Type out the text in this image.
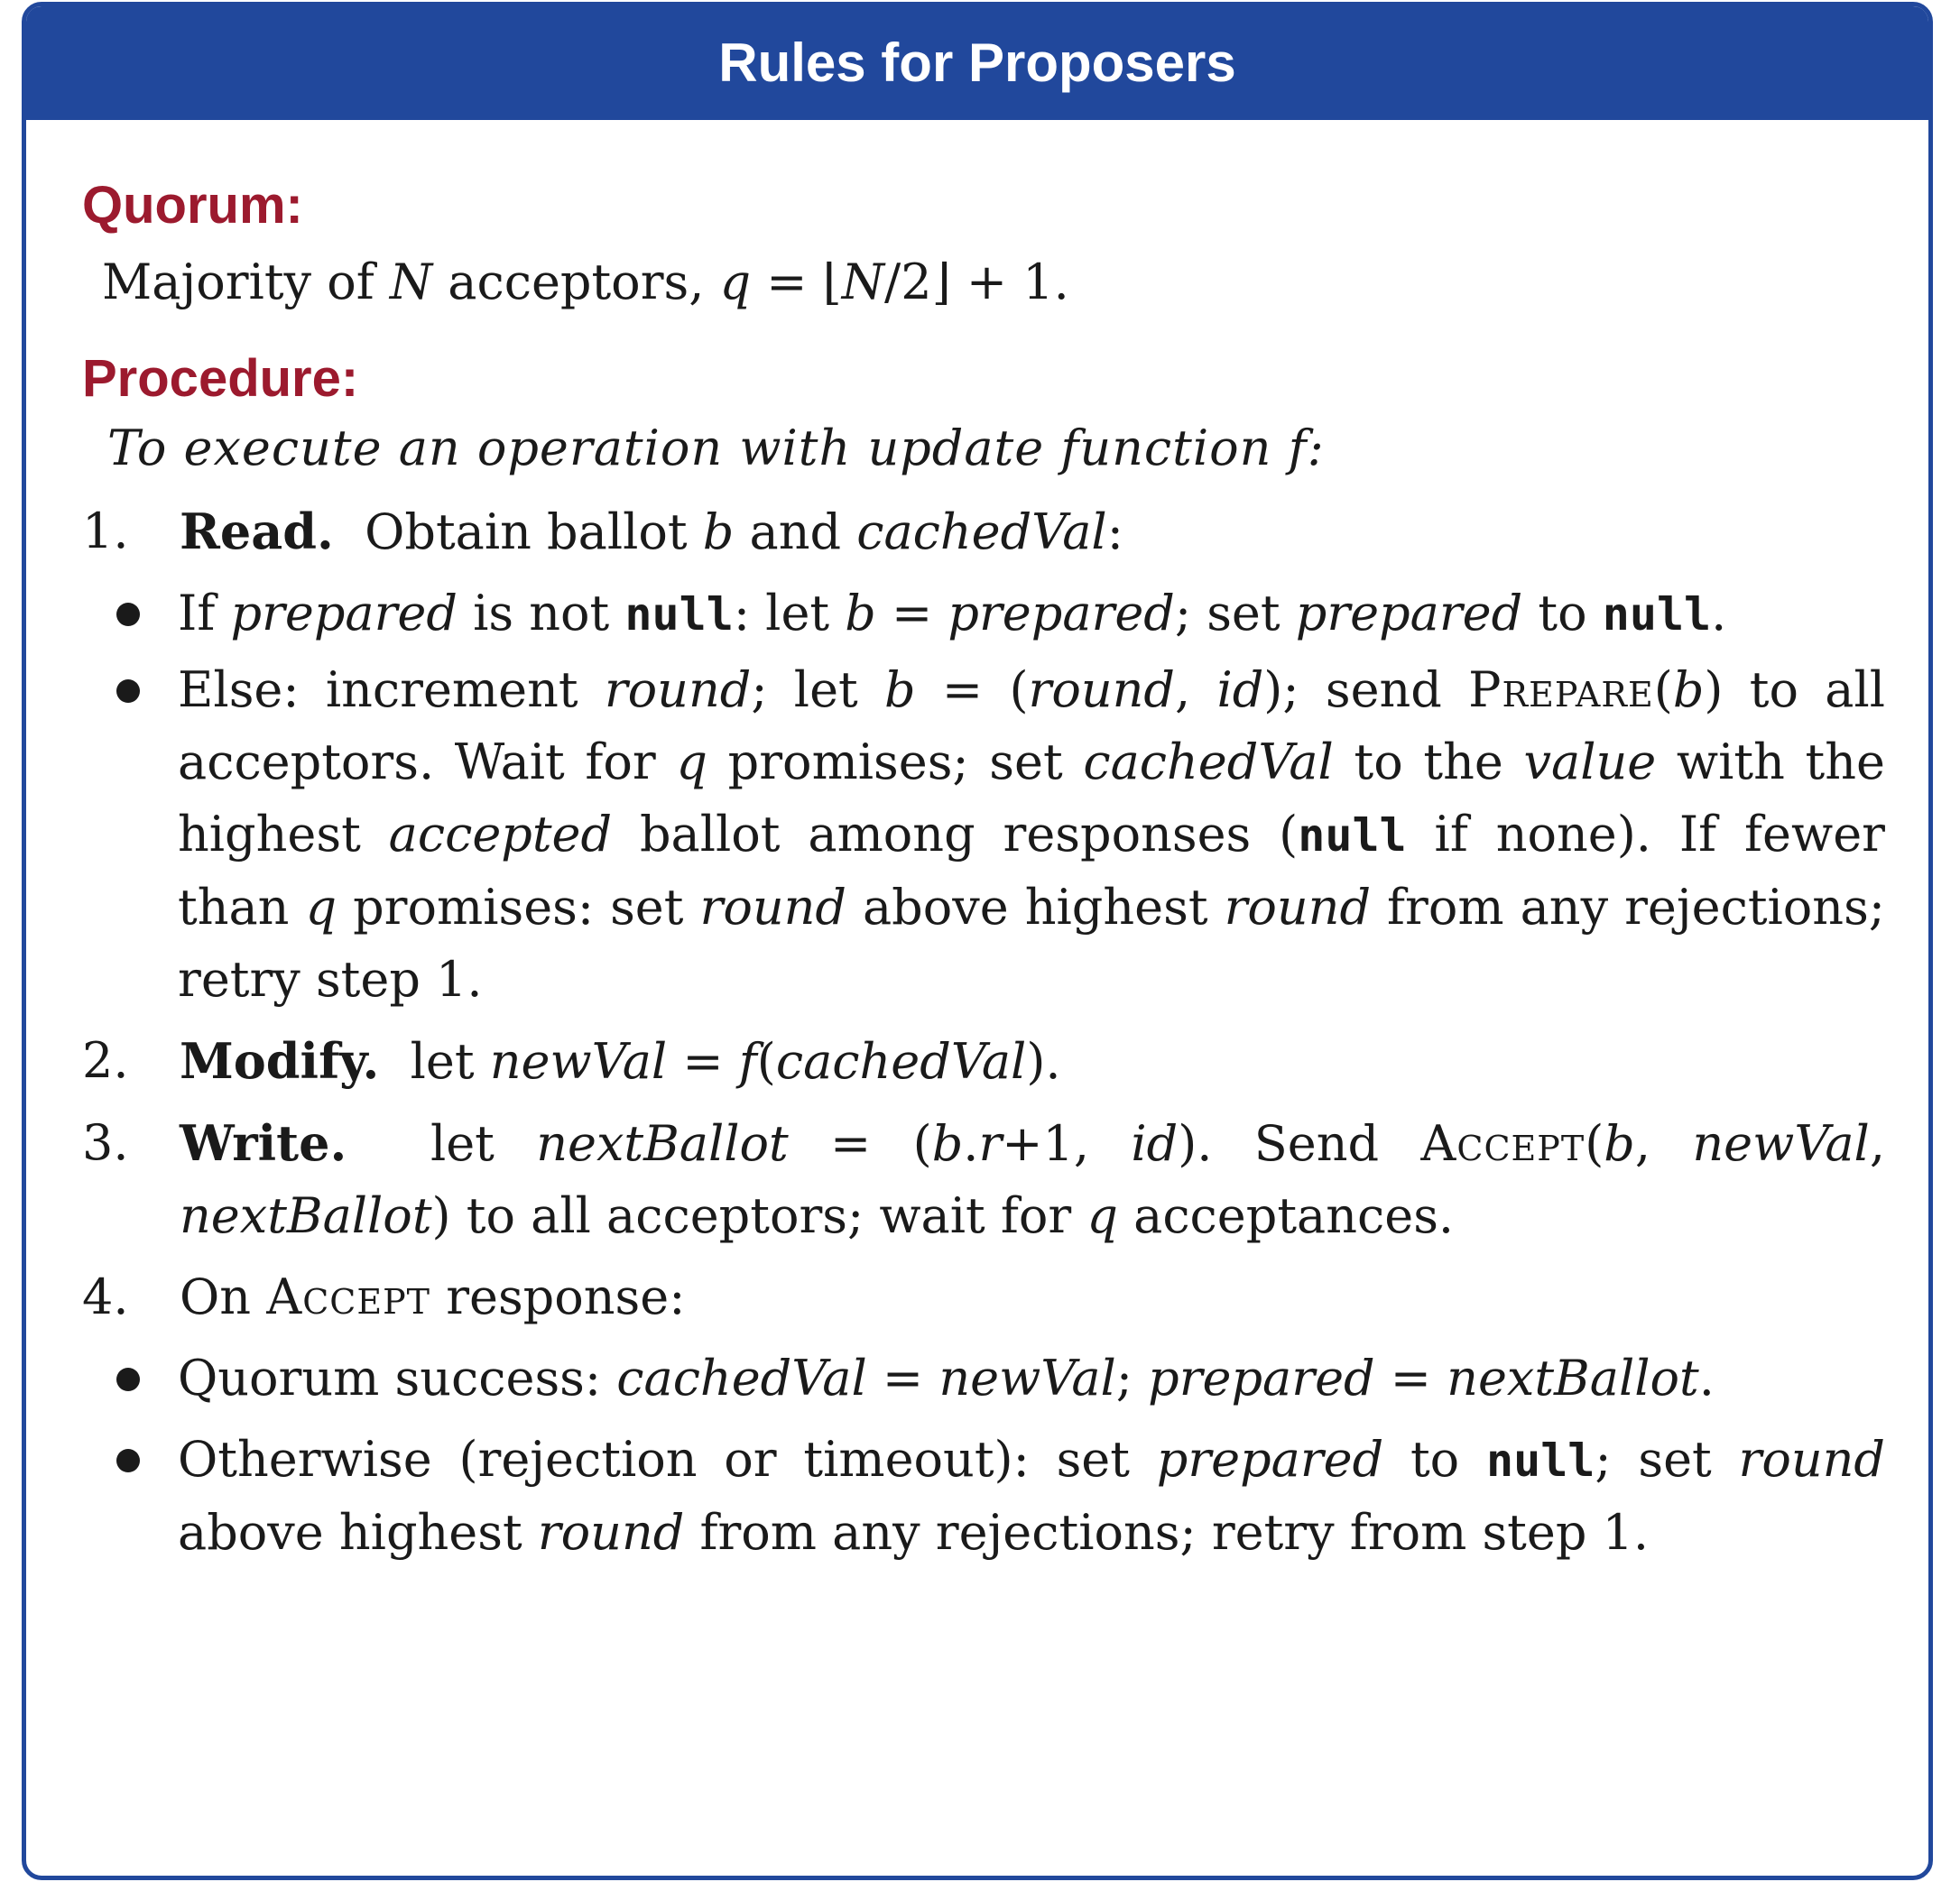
Rules for Proposers
Quorum:
Majority of N acceptors, q = ⌊N/2⌋ + 1.
Procedure:
To execute an operation with update function f:
1.	Read.  Obtain ballot b and cachedVal:
If prepared is not null: let b = prepared; set prepared to null.
Else: increment round; let b = (round, id); send Prepare(b) to all acceptors. Wait for q promises; set cachedVal to the value with the highest accepted ballot among responses (null if none). If fewer than q promises: set round above highest round from any rejections; retry step 1.
2.	Modify.  let newVal = f(cachedVal).
3.	Write.  let nextBallot = (b.r+1, id). Send Accept(b, newVal, nextBallot) to all acceptors; wait for q acceptances.
4.	On Accept response:
Quorum success: cachedVal = newVal; prepared = nextBallot.
Otherwise (rejection or timeout): set prepared to null; set round above highest round from any rejections; retry from step 1.
